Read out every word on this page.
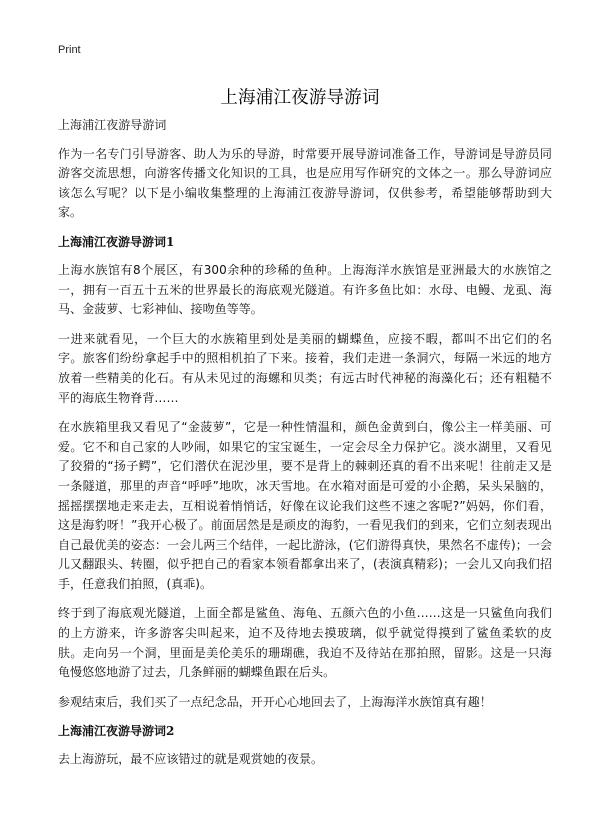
Print
上海浦江夜游导游词

上海浦江夜游导游词

作为一名专门引导游客、助人为乐的导游，时常要开展导游词准备工作，导游词是导游员同游客交流思想，向游客传播文化知识的工具，也是应用写作研究的文体之一。那么导游词应该怎么写呢？以下是小编收集整理的上海浦江夜游导游词，仅供参考，希望能够帮助到大家。

上海浦江夜游导游词1

上海水族馆有8个展区，有300余种的珍稀的鱼种。上海海洋水族馆是亚洲最大的水族馆之一，拥有一百五十五米的世界最长的海底观光隧道。有许多鱼比如：水母、电鳗、龙虱、海马、金菠萝、七彩神仙、接吻鱼等等。

一进来就看见，一个巨大的水族箱里到处是美丽的蝴蝶鱼，应接不暇，都叫不出它们的名字。旅客们纷纷拿起手中的照相机拍了下来。接着，我们走进一条洞穴，每隔一米远的地方放着一些精美的化石。有从未见过的海螺和贝类；有远古时代神秘的海藻化石；还有粗糙不平的海底生物脊背……

在水族箱里我又看见了“金菠萝”，它是一种性情温和，颜色金黄到白，像公主一样美丽、可爱。它不和自己家的人吵闹，如果它的宝宝诞生，一定会尽全力保护它。淡水湖里，又看见了狡猾的“扬子鳄”，它们潜伏在泥沙里，要不是背上的棘刺还真的看不出来呢！往前走又是一条隧道，那里的声音“呼呼”地吹，冰天雪地。在水箱对面是可爱的小企鹅，呆头呆脑的，摇摇摆摆地走来走去，互相说着悄悄话，好像在议论我们这些不速之客呢?”妈妈，你们看，这是海豹呀！”我开心极了。前面居然是是顽皮的海豹，一看见我们的到来，它们立刻表现出自己最优美的姿态：一会儿两三个结伴，一起比游泳，(它们游得真快，果然名不虚传)；一会儿又翻跟头、转圈，似乎把自己的看家本领看都拿出来了，(表演真精彩)；一会儿又向我们招手，任意我们拍照，(真乖)。

终于到了海底观光隧道，上面全都是鲨鱼、海龟、五颜六色的小鱼……这是一只鲨鱼向我们的上方游来，许多游客尖叫起来，迫不及待地去摸玻璃，似乎就觉得摸到了鲨鱼柔软的皮肤。走向另一个洞，里面是美伦美乐的珊瑚礁，我迫不及待站在那拍照，留影。这是一只海龟慢悠悠地游了过去，几条鲜丽的蝴蝶鱼跟在后头。

参观结束后，我们买了一点纪念品，开开心心地回去了，上海海洋水族馆真有趣！

上海浦江夜游导游词2

去上海游玩，最不应该错过的就是观赏她的夜景。
